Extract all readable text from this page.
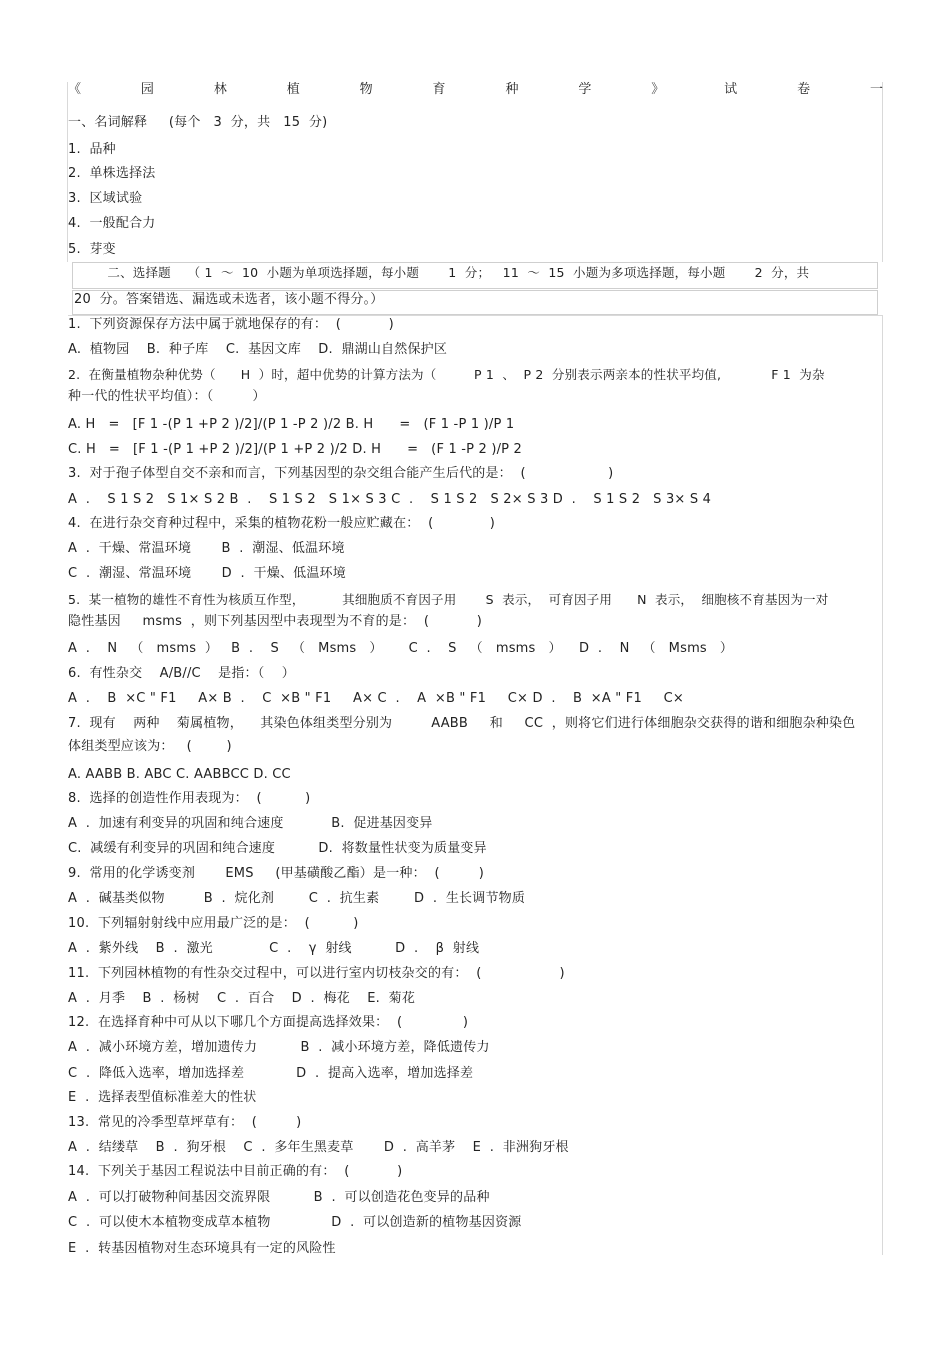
《	园	林	植	物	育	种	学	》	试	卷	一
一、名词解释     (每个   3  分，共   15  分)
1.  品种
2.  单株选择法
3.  区域试验
4.  一般配合力
5.  芽变
二、选择题    （ 1  ～  10  小题为单项选择题，每小题       1  分；   11  ～  15  小题为多项选择题，每小题       2  分，共
20  分。答案错选、漏选或未选者，该小题不得分。）
1.  下列资源保存方法中属于就地保存的有：  (           )
A.  植物园    B.  种子库    C.  基因文库    D.  鼎湖山自然保护区
2.  在衡量植物杂种优势（      H  ）时，超中优势的计算方法为（         P 1  、  P 2  分别表示两亲本的性状平均值,            F 1  为杂
种一代的性状平均值）：（         ）
A. H   =   [F 1 -(P 1 +P 2 )/2]/(P 1 -P 2 )/2 B. H      =   (F 1 -P 1 )/P 1
C. H   =   [F 1 -(P 1 +P 2 )/2]/(P 1 +P 2 )/2 D. H      =   (F 1 -P 2 )/P 2
3.  对于孢子体型自交不亲和而言，下列基因型的杂交组合能产生后代的是：  (                   )
A  .    S 1 S 2   S 1× S 2 B  .    S 1 S 2   S 1× S 3 C  .    S 1 S 2   S 2× S 3 D  .    S 1 S 2   S 3× S 4
4.  在进行杂交育种过程中，采集的植物花粉一般应贮藏在：  (             )
A  .  干燥、常温环境       B  .  潮湿、低温环境
C  .  潮湿、常温环境       D  .  干燥、低温环境
5.  某一植物的雄性不育性为核质互作型，         其细胞质不育因子用       S  表示，  可育因子用      N  表示，  细胞核不育基因为一对
隐性基因     msms  ，则下列基因型中表现型为不育的是：  (           )
A  .    N   （   msms  ）   B  .    S   （   Msms   ）      C  .    S   （   msms   ）    D  .    N   （   Msms   ）
6.  有性杂交    A/B//C    是指：（    ）
A  .    B  ×C " F1     A× B  .    C  ×B " F1     A× C  .    A  ×B " F1     C× D  .    B  ×A " F1     C×
7.  现有    两种    菊属植物，    其染色体组类型分别为         AABB     和     CC  ，则将它们进行体细胞杂交获得的谐和细胞杂种染色
体组类型应该为：   (        )
A. AABB B. ABC C. AABBCC D. CC
8.  选择的创造性作用表现为：  (          )
A  .  加速有利变异的巩固和纯合速度           B.  促进基因变异
C.  减缓有利变异的巩固和纯合速度          D.  将数量性状变为质量变异
9.  常用的化学诱变剂       EMS     (甲基磺酸乙酯）是一种：  (         )
A  .  碱基类似物         B  .  烷化剂        C  .  抗生素        D  .  生长调节物质
10.  下列辐射射线中应用最广泛的是：  (          )
A  .  紫外线    B  .  激光             C  .    γ  射线          D  .    β  射线
11.  下列园林植物的有性杂交过程中，可以进行室内切枝杂交的有：  (                  )
A  .  月季    B  .  杨树    C  .  百合    D  .  梅花    E.  菊花
12.  在选择育种中可从以下哪几个方面提高选择效果：  (              )
A  .  减小环境方差，增加遗传力          B  .  减小环境方差，降低遗传力
C  .  降低入选率，增加选择差            D  .  提高入选率，增加选择差
E  .  选择表型值标准差大的性状
13.  常见的冷季型草坪草有：  (         )
A  .  结缕草    B  .  狗牙根    C  .  多年生黑麦草       D  .  高羊茅    E  .  非洲狗牙根
14.  下列关于基因工程说法中目前正确的有：  (           )
A  .  可以打破物种间基因交流界限          B  .  可以创造花色变异的品种
C  .  可以使木本植物变成草本植物              D  .  可以创造新的植物基因资源
E  .  转基因植物对生态环境具有一定的风险性
